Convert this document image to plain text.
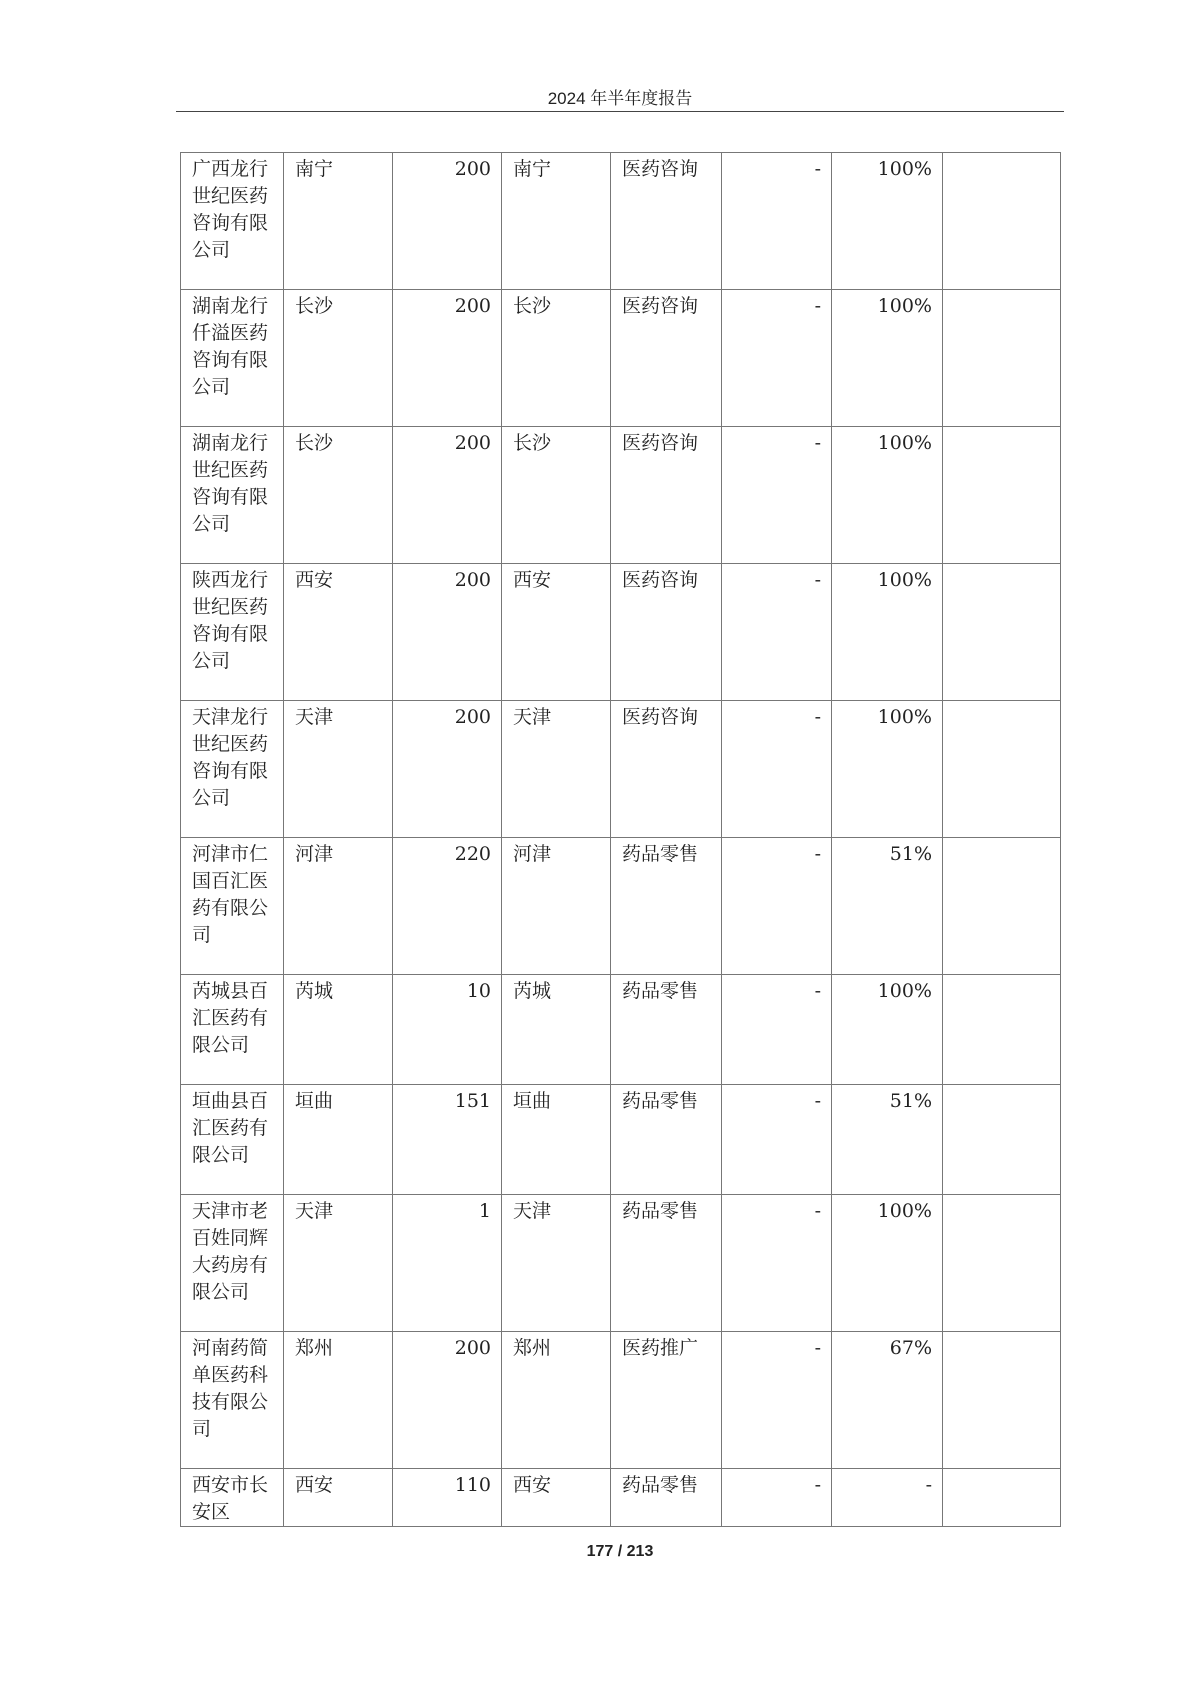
2024 年半年度报告
广西龙行世纪医药咨询有限公司	南宁	200	南宁	医药咨询	-	100%	
湖南龙行仟溢医药咨询有限公司	长沙	200	长沙	医药咨询	-	100%	
湖南龙行世纪医药咨询有限公司	长沙	200	长沙	医药咨询	-	100%	
陕西龙行世纪医药咨询有限公司	西安	200	西安	医药咨询	-	100%	
天津龙行世纪医药咨询有限公司	天津	200	天津	医药咨询	-	100%	
河津市仁国百汇医药有限公司	河津	220	河津	药品零售	-	51%	
芮城县百汇医药有限公司	芮城	10	芮城	药品零售	-	100%	
垣曲县百汇医药有限公司	垣曲	151	垣曲	药品零售	-	51%	
天津市老百姓同辉大药房有限公司	天津	1	天津	药品零售	-	100%	
河南药简单医药科技有限公司	郑州	200	郑州	医药推广	-	67%	
西安市长安区	西安	110	西安	药品零售	-	-	
177 / 213
